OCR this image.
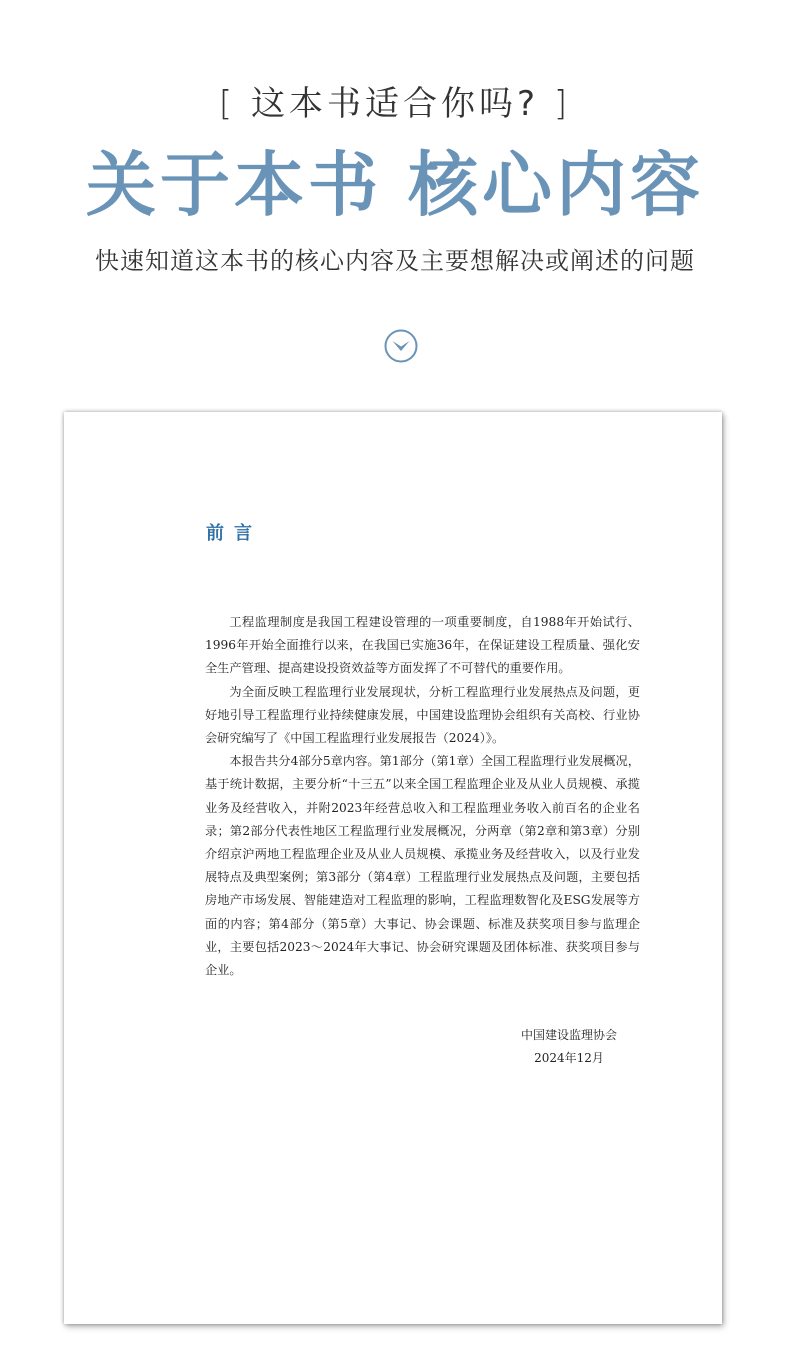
[ 这本书适合你吗? ]
关于本书 核心内容
快速知道这本书的核心内容及主要想解决或阐述的问题
前言

工程监理制度是我国工程建设管理的一项重要制度，自1988年开始试行、1996年开始全面推行以来，在我国已实施36年，在保证建设工程质量、强化安全生产管理、提高建设投资效益等方面发挥了不可替代的重要作用。

为全面反映工程监理行业发展现状，分析工程监理行业发展热点及问题，更好地引导工程监理行业持续健康发展，中国建设监理协会组织有关高校、行业协会研究编写了《中国工程监理行业发展报告（2024）》。

本报告共分4部分5章内容。第1部分（第1章）全国工程监理行业发展概况，基于统计数据，主要分析“十三五”以来全国工程监理企业及从业人员规模、承揽业务及经营收入，并附2023年经营总收入和工程监理业务收入前百名的企业名录；第2部分代表性地区工程监理行业发展概况，分两章（第2章和第3章）分别介绍京沪两地工程监理企业及从业人员规模、承揽业务及经营收入，以及行业发展特点及典型案例；第3部分（第4章）工程监理行业发展热点及问题，主要包括房地产市场发展、智能建造对工程监理的影响，工程监理数智化及ESG发展等方面的内容；第4部分（第5章）大事记、协会课题、标准及获奖项目参与监理企业，主要包括2023～2024年大事记、协会研究课题及团体标准、获奖项目参与企业。

中国建设监理协会
2024年12月
